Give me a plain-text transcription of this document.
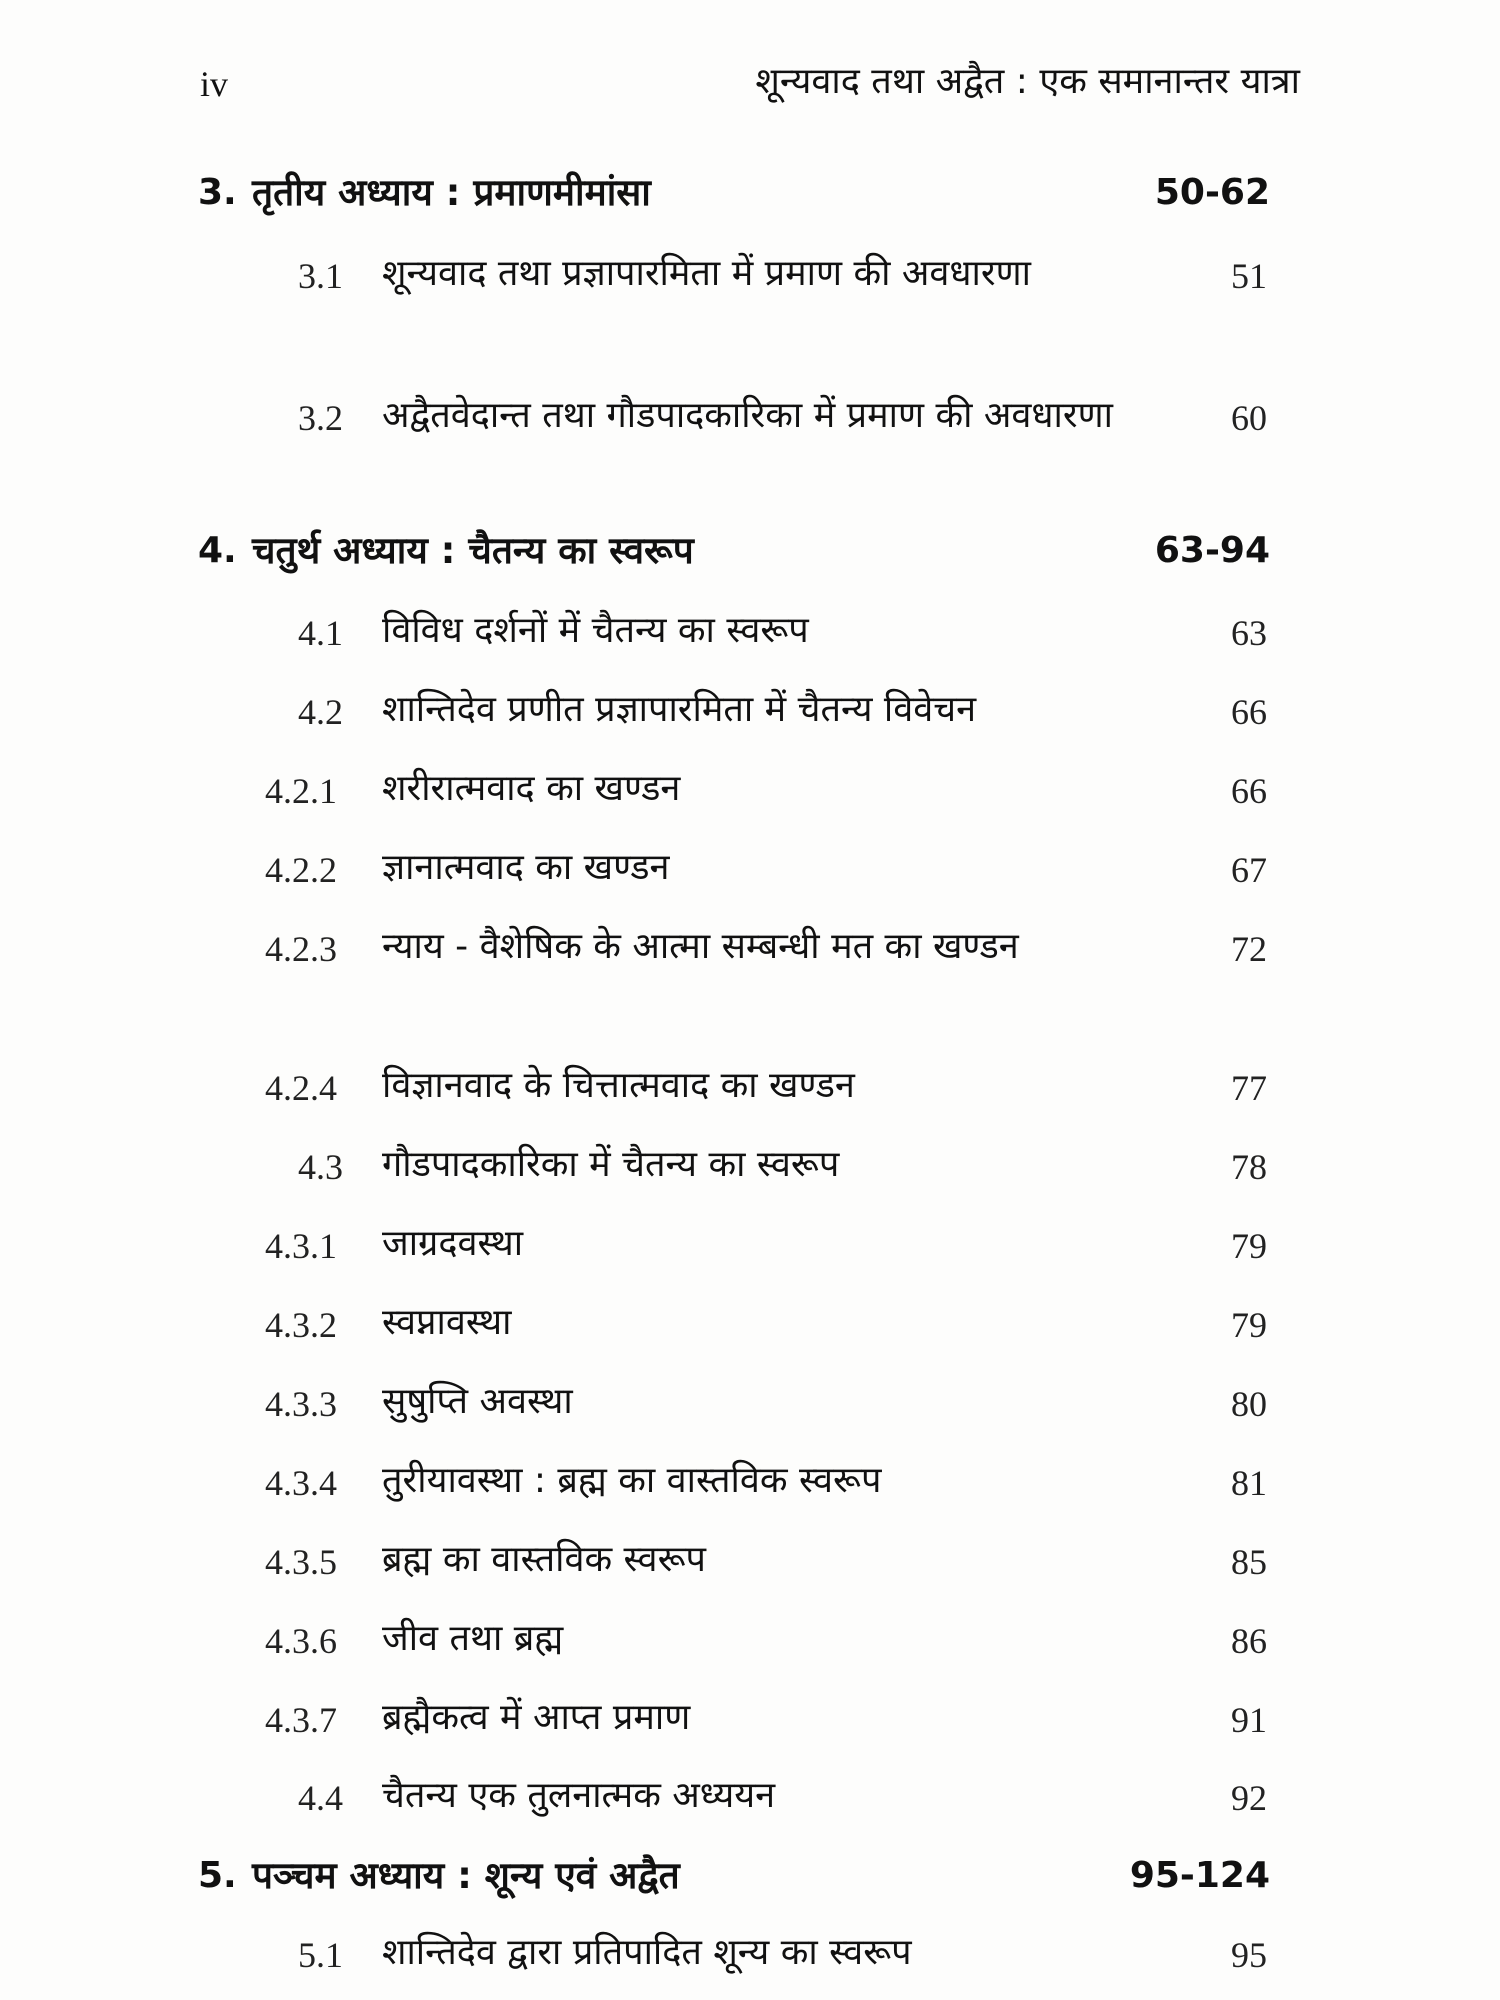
iv	शून्यवाद तथा अद्वैत : एक समानान्तर यात्रा
3. तृतीय अध्याय : प्रमाणमीमांसा	50-62
3.1 शून्यवाद तथा प्रज्ञापारमिता में प्रमाण की अवधारणा	51
3.2 अद्वैतवेदान्त तथा गौडपादकारिका में प्रमाण की अवधारणा	60
4. चतुर्थ अध्याय : चैतन्य का स्वरूप	63-94
4.1 विविध दर्शनों में चैतन्य का स्वरूप	63
4.2 शान्तिदेव प्रणीत प्रज्ञापारमिता में चैतन्य विवेचन	66
4.2.1 शरीरात्मवाद का खण्डन	66
4.2.2 ज्ञानात्मवाद का खण्डन	67
4.2.3 न्याय - वैशेषिक के आत्मा सम्बन्धी मत का खण्डन	72
4.2.4 विज्ञानवाद के चित्तात्मवाद का खण्डन	77
4.3 गौडपादकारिका में चैतन्य का स्वरूप	78
4.3.1 जाग्रदवस्था	79
4.3.2 स्वप्नावस्था	79
4.3.3 सुषुप्ति अवस्था	80
4.3.4 तुरीयावस्था : ब्रह्म का वास्तविक स्वरूप	81
4.3.5 ब्रह्म का वास्तविक स्वरूप	85
4.3.6 जीव तथा ब्रह्म	86
4.3.7 ब्रह्मैकत्व में आप्त प्रमाण	91
4.4 चैतन्य एक तुलनात्मक अध्ययन	92
5. पञ्चम अध्याय : शून्य एवं अद्वैत	95-124
5.1 शान्तिदेव द्वारा प्रतिपादित शून्य का स्वरूप	95
